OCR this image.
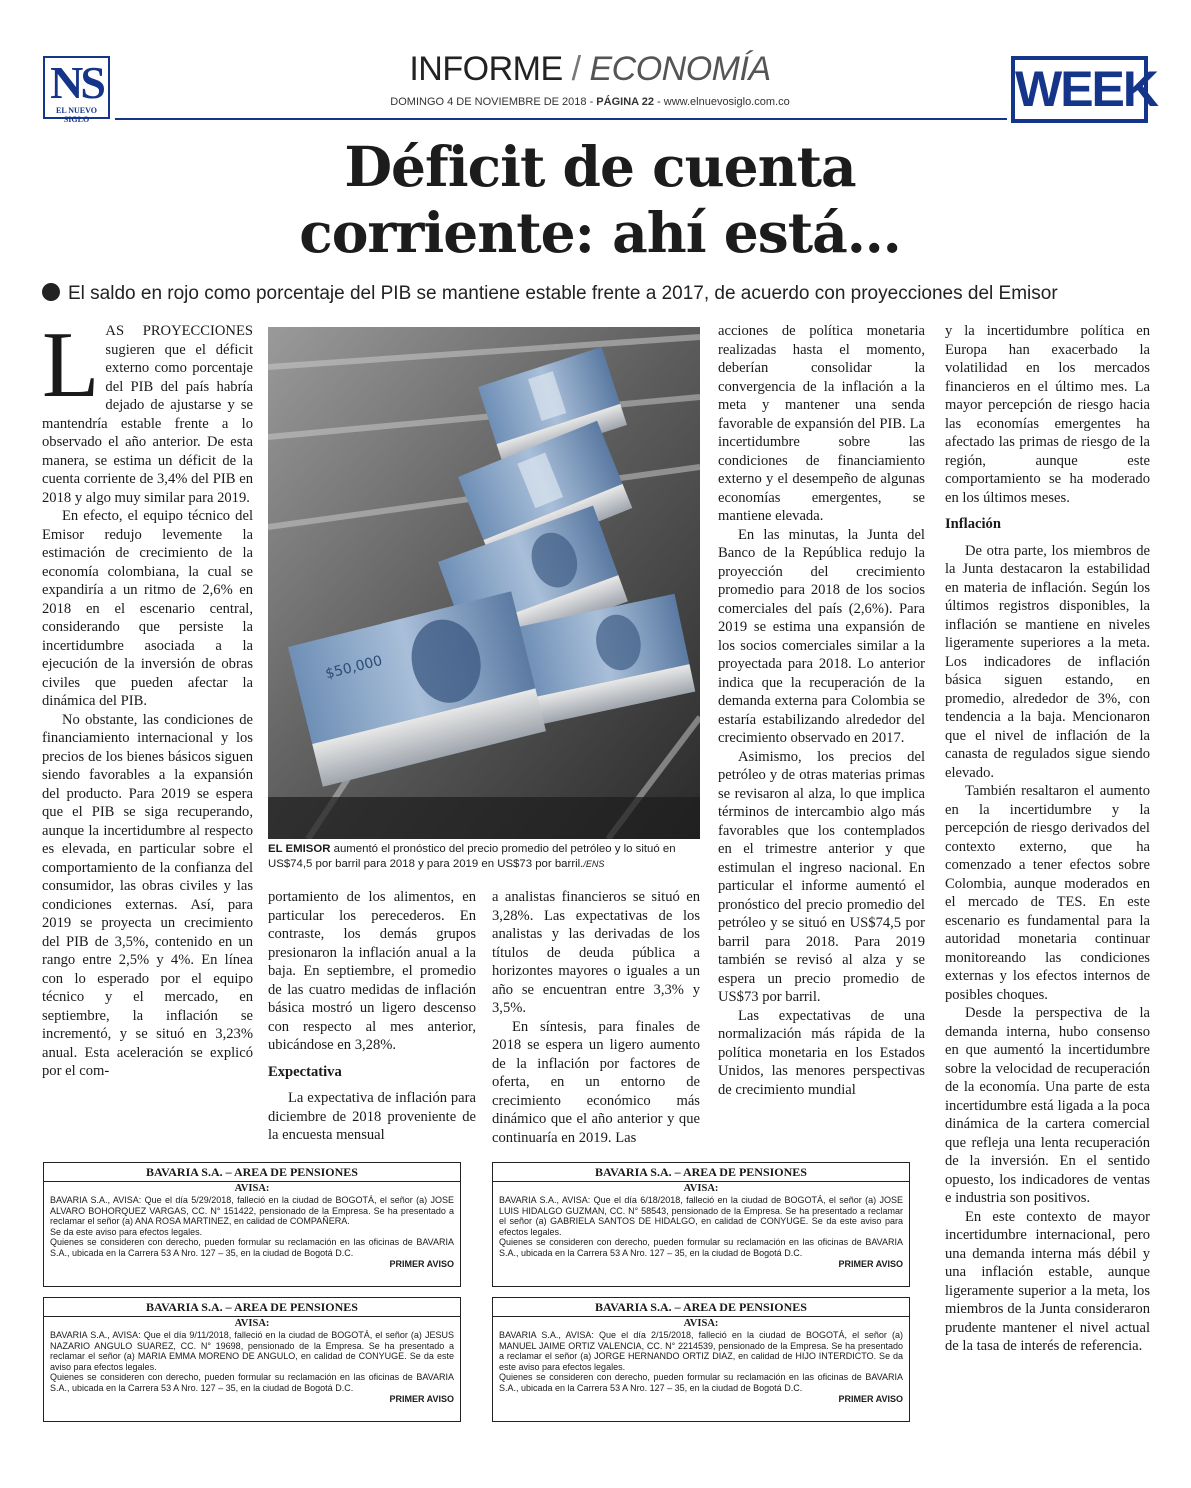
NS
EL NUEVO SIGLO
INFORME / ECONOMÍA
DOMINGO 4 DE NOVIEMBRE DE 2018 - PÁGINA 22 - www.elnuevosiglo.com.co	WEEK
Déficit de cuenta
corriente: ahí está…
El saldo en rojo como porcentaje del PIB se mantiene estable frente a 2017, de acuerdo con proyecciones del Emisor
L AS PROYECCIONES sugieren que el déficit externo como porcentaje del PIB del país habría dejado de ajustarse y se mantendría estable frente a lo observado el año anterior. De esta manera, se estima un déficit de la cuenta corriente de 3,4% del PIB en 2018 y algo muy similar para 2019.

En efecto, el equipo técnico del Emisor redujo levemente la estimación de crecimiento de la economía colombiana, la cual se expandiría a un ritmo de 2,6% en 2018 en el escenario central, considerando que persiste la incertidumbre asociada a la ejecución de la inversión de obras civiles que pueden afectar la dinámica del PIB.

No obstante, las condiciones de financiamiento internacional y los precios de los bienes básicos siguen siendo favorables a la expansión del producto. Para 2019 se espera que el PIB se siga recuperando, aunque la incertidumbre al respecto es elevada, en particular sobre el comportamiento de la confianza del consumidor, las obras civiles y las condiciones externas. Así, para 2019 se proyecta un crecimiento del PIB de 3,5%, contenido en un rango entre 2,5% y 4%. En línea con lo esperado por el equipo técnico y el mercado, en septiembre, la inflación se incrementó, y se situó en 3,23% anual. Esta aceleración se explicó por el com-

$50,000
EL EMISOR aumentó el pronóstico del precio promedio del petróleo y lo situó en US$74,5 por barril para 2018 y para 2019 en US$73 por barril./ENS

portamiento de los alimentos, en particular los perecederos. En contraste, los demás grupos presionaron la inflación anual a la baja. En septiembre, el promedio de las cuatro medidas de inflación básica mostró un ligero descenso con respecto al mes anterior, ubicándose en 3,28%.

Expectativa

La expectativa de inflación para diciembre de 2018 proveniente de la encuesta mensual

a analistas financieros se situó en 3,28%. Las expectativas de los analistas y las derivadas de los títulos de deuda pública a horizontes mayores o iguales a un año se encuentran entre 3,3% y 3,5%.

En síntesis, para finales de 2018 se espera un ligero aumento de la inflación por factores de oferta, en un entorno de crecimiento económico más dinámico que el año anterior y que continuaría en 2019. Las

acciones de política monetaria realizadas hasta el momento, deberían consolidar la convergencia de la inflación a la meta y mantener una senda favorable de expansión del PIB. La incertidumbre sobre las condiciones de financiamiento externo y el desempeño de algunas economías emergentes, se mantiene elevada.

En las minutas, la Junta del Banco de la República redujo la proyección del crecimiento promedio para 2018 de los socios comerciales del país (2,6%). Para 2019 se estima una expansión de los socios comerciales similar a la proyectada para 2018. Lo anterior indica que la recuperación de la demanda externa para Colombia se estaría estabilizando alrededor del crecimiento observado en 2017.

Asimismo, los precios del petróleo y de otras materias primas se revisaron al alza, lo que implica términos de intercambio algo más favorables que los contemplados en el trimestre anterior y que estimulan el ingreso nacional. En particular el informe aumentó el pronóstico del precio promedio del petróleo y se situó en US$74,5 por barril para 2018. Para 2019 también se revisó al alza y se espera un precio promedio de US$73 por barril.

Las expectativas de una normalización más rápida de la política monetaria en los Estados Unidos, las menores perspectivas de crecimiento mundial

y la incertidumbre política en Europa han exacerbado la volatilidad en los mercados financieros en el último mes. La mayor percepción de riesgo hacia las economías emergentes ha afectado las primas de riesgo de la región, aunque este comportamiento se ha moderado en los últimos meses.

Inflación

De otra parte, los miembros de la Junta destacaron la estabilidad en materia de inflación. Según los últimos registros disponibles, la inflación se mantiene en niveles ligeramente superiores a la meta. Los indicadores de inflación básica siguen estando, en promedio, alrededor de 3%, con tendencia a la baja. Mencionaron que el nivel de inflación de la canasta de regulados sigue siendo elevado.

También resaltaron el aumento en la incertidumbre y la percepción de riesgo derivados del contexto externo, que ha comenzado a tener efectos sobre Colombia, aunque moderados en el mercado de TES. En este escenario es fundamental para la autoridad monetaria continuar monitoreando las condiciones externas y los efectos internos de posibles choques.

Desde la perspectiva de la demanda interna, hubo consenso en que aumentó la incertidumbre sobre la velocidad de recuperación de la economía. Una parte de esta incertidumbre está ligada a la poca dinámica de la cartera comercial que refleja una lenta recuperación de la inversión. En el sentido opuesto, los indicadores de ventas e industria son positivos.

En este contexto de mayor incertidumbre internacional, pero una demanda interna más débil y una inflación estable, aunque ligeramente superior a la meta, los miembros de la Junta consideraron prudente mantener el nivel actual de la tasa de interés de referencia.

BAVARIA S.A. – AREA DE PENSIONES
AVISA:
BAVARIA S.A., AVISA: Que el día 5/29/2018, falleció en la ciudad de BOGOTÁ, el señor (a) JOSE ALVARO BOHORQUEZ VARGAS, CC. N° 151422, pensionado de la Empresa. Se ha presentado a reclamar el señor (a) ANA ROSA MARTINEZ, en calidad de COMPAÑERA.
Se da este aviso para efectos legales.
Quienes se consideren con derecho, pueden formular su reclamación en las oficinas de BAVARIA S.A., ubicada en la Carrera 53 A Nro. 127 – 35, en la ciudad de Bogotá D.C.
PRIMER AVISO
BAVARIA S.A. – AREA DE PENSIONES
AVISA:
BAVARIA S.A., AVISA: Que el día 6/18/2018, falleció en la ciudad de BOGOTÁ, el señor (a) JOSE LUIS HIDALGO GUZMAN, CC. N° 58543, pensionado de la Empresa. Se ha presentado a reclamar el señor (a) GABRIELA SANTOS DE HIDALGO, en calidad de CONYUGE. Se da este aviso para efectos legales.
Quienes se consideren con derecho, pueden formular su reclamación en las oficinas de BAVARIA S.A., ubicada en la Carrera 53 A Nro. 127 – 35, en la ciudad de Bogotá D.C.
PRIMER AVISO
BAVARIA S.A. – AREA DE PENSIONES
AVISA:
BAVARIA S.A., AVISA: Que el día 9/11/2018, falleció en la ciudad de BOGOTÁ, el señor (a) JESUS NAZARIO ANGULO SUAREZ, CC. N° 19698, pensionado de la Empresa. Se ha presentado a reclamar el señor (a) MARIA EMMA MORENO DE ANGULO, en calidad de CONYUGE. Se da este aviso para efectos legales.
Quienes se consideren con derecho, pueden formular su reclamación en las oficinas de BAVARIA S.A., ubicada en la Carrera 53 A Nro. 127 – 35, en la ciudad de Bogotá D.C.
PRIMER AVISO
BAVARIA S.A. – AREA DE PENSIONES
AVISA:
BAVARIA S.A., AVISA: Que el día 2/15/2018, falleció en la ciudad de BOGOTÁ, el señor (a) MANUEL JAIME ORTIZ VALENCIA, CC. N° 2214539, pensionado de la Empresa. Se ha presentado a reclamar el señor (a) JORGE HERNANDO ORTIZ DIAZ, en calidad de HIJO INTERDICTO. Se da este aviso para efectos legales.
Quienes se consideren con derecho, pueden formular su reclamación en las oficinas de BAVARIA S.A., ubicada en la Carrera 53 A Nro. 127 – 35, en la ciudad de Bogotá D.C.
PRIMER AVISO
